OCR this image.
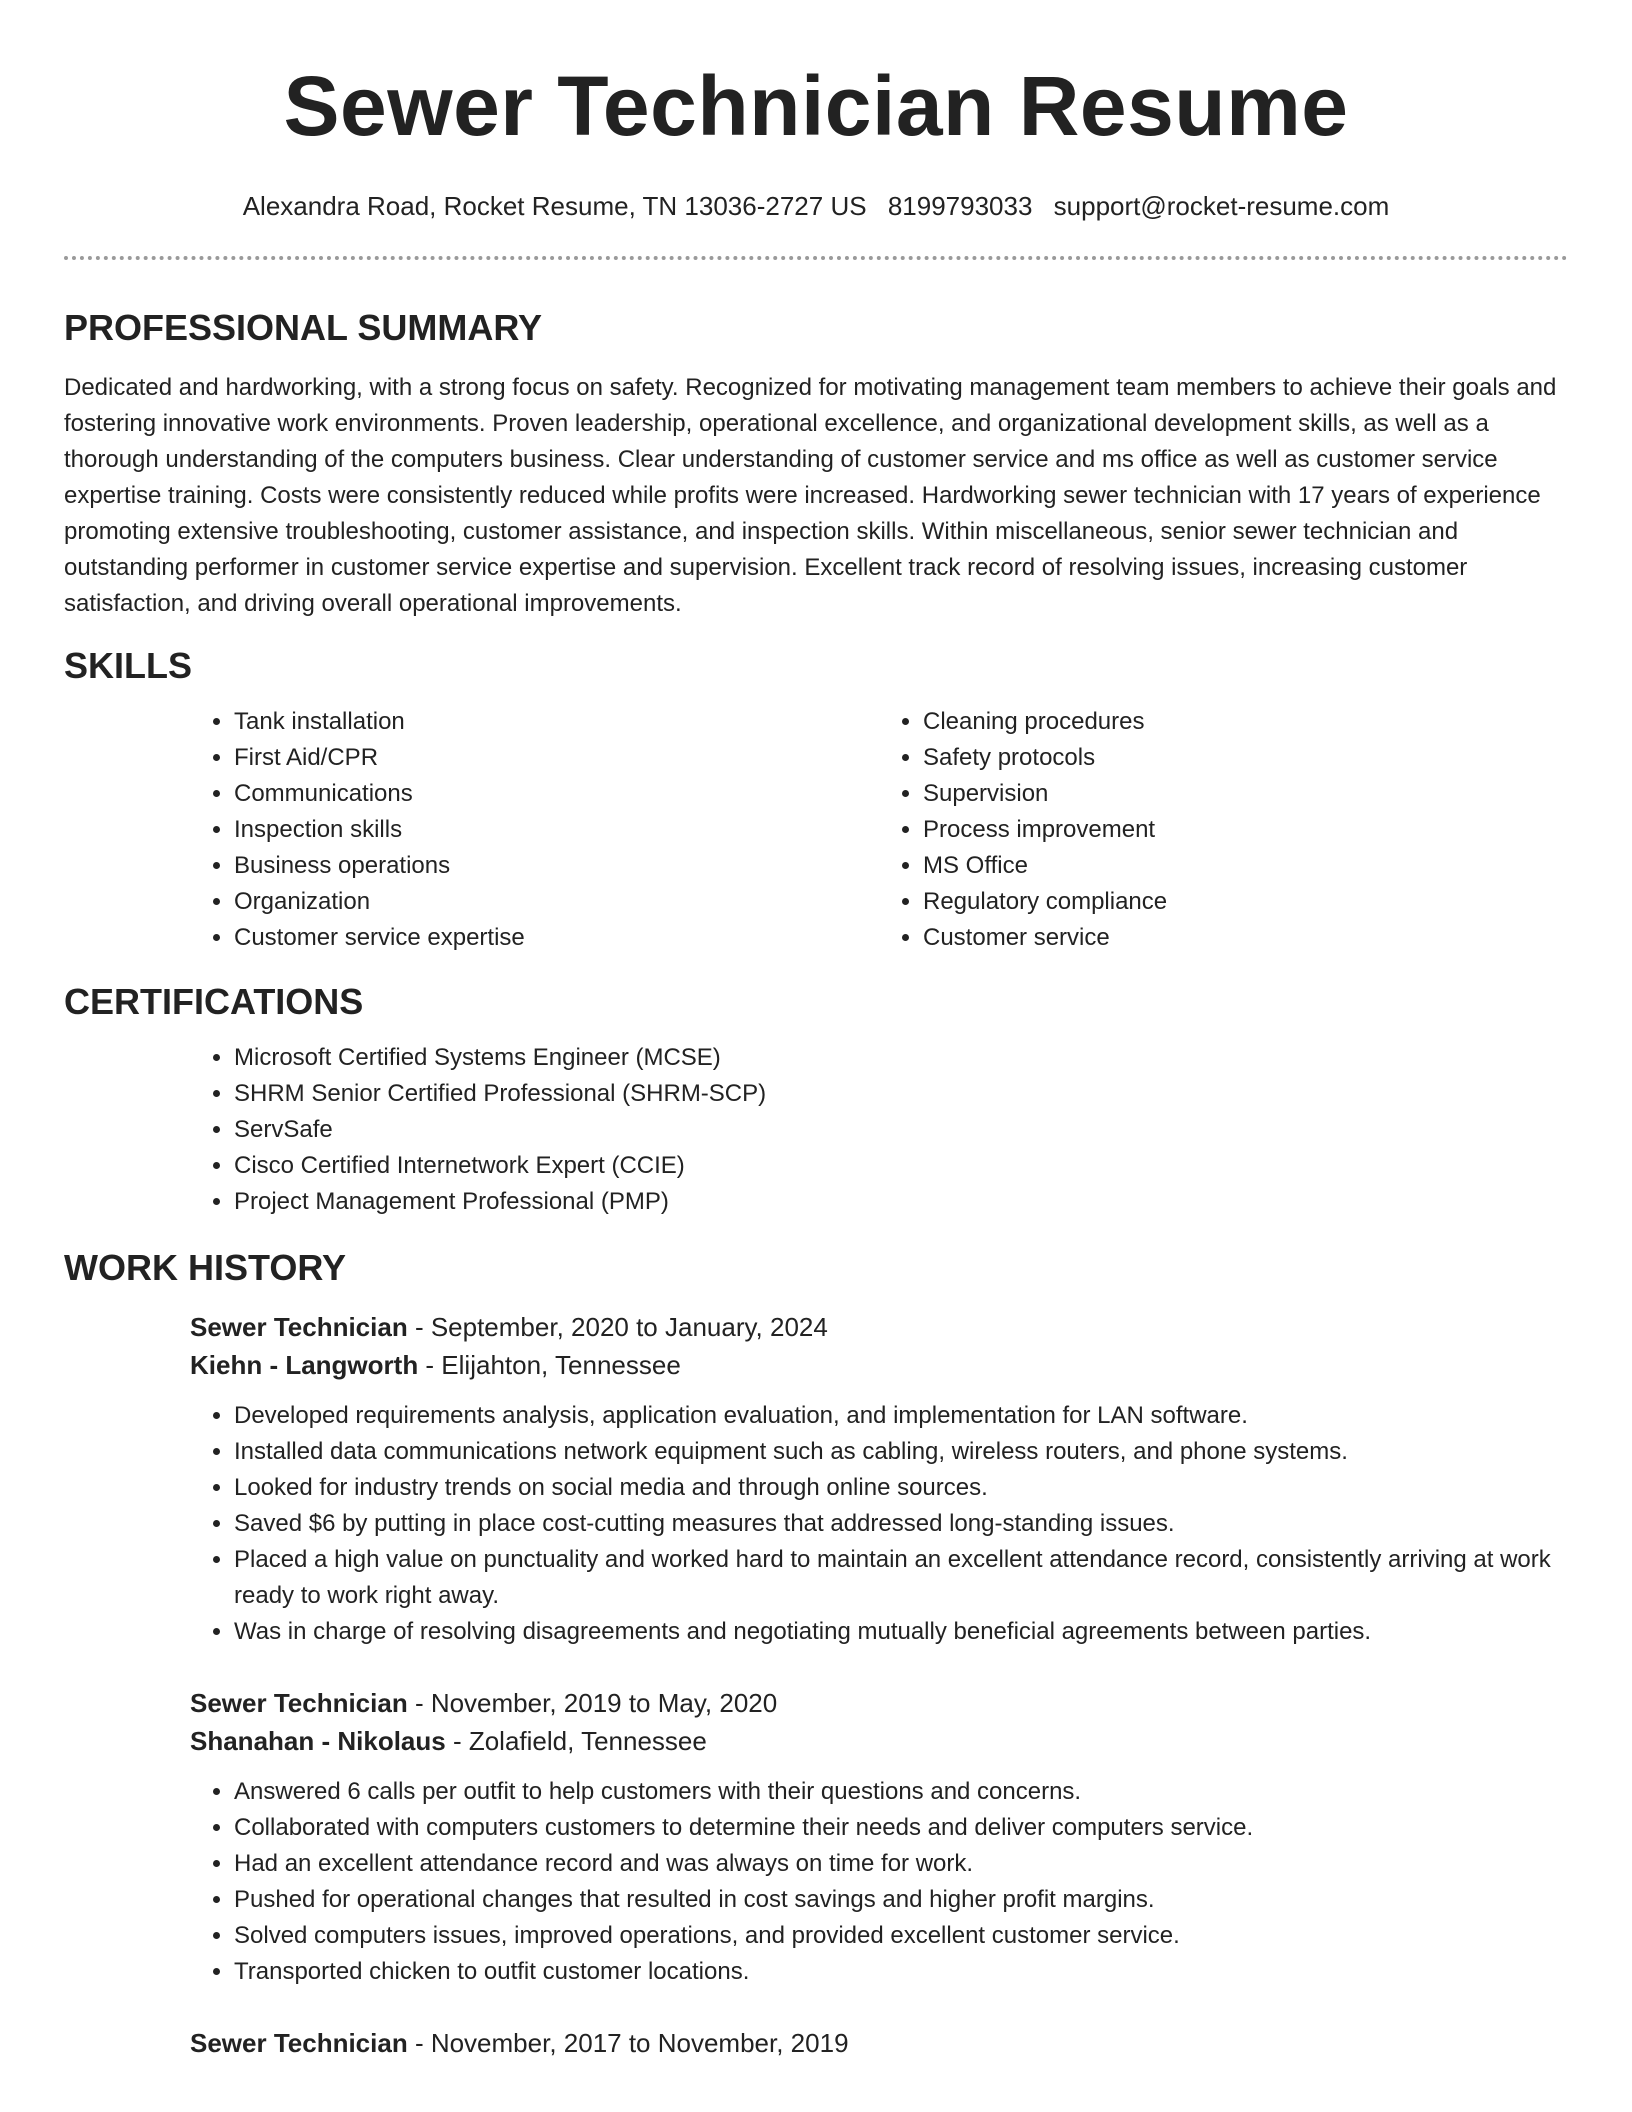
Sewer Technician Resume
Alexandra Road, Rocket Resume, TN 13036-2727 US 8199793033 support@rocket-resume.com
PROFESSIONAL SUMMARY

Dedicated and hardworking, with a strong focus on safety. Recognized for motivating management team members to achieve their goals and fostering innovative work environments. Proven leadership, operational excellence, and organizational development skills, as well as a thorough understanding of the computers business. Clear understanding of customer service and ms office as well as customer service expertise training. Costs were consistently reduced while profits were increased. Hardworking sewer technician with 17 years of experience promoting extensive troubleshooting, customer assistance, and inspection skills. Within miscellaneous, senior sewer technician and outstanding performer in customer service expertise and supervision. Excellent track record of resolving issues, increasing customer satisfaction, and driving overall operational improvements.

SKILLS
• Tank installation
• First Aid/CPR
• Communications
• Inspection skills
• Business operations
• Organization
• Customer service expertise
• Cleaning procedures
• Safety protocols
• Supervision
• Process improvement
• MS Office
• Regulatory compliance
• Customer service
CERTIFICATIONS
• Microsoft Certified Systems Engineer (MCSE)
• SHRM Senior Certified Professional (SHRM-SCP)
• ServSafe
• Cisco Certified Internetwork Expert (CCIE)
• Project Management Professional (PMP)
WORK HISTORY
Sewer Technician - September, 2020 to January, 2024
Kiehn - Langworth - Elijahton, Tennessee
• Developed requirements analysis, application evaluation, and implementation for LAN software.
• Installed data communications network equipment such as cabling, wireless routers, and phone systems.
• Looked for industry trends on social media and through online sources.
• Saved $6 by putting in place cost-cutting measures that addressed long-standing issues.
• Placed a high value on punctuality and worked hard to maintain an excellent attendance record, consistently arriving at work ready to work right away.
• Was in charge of resolving disagreements and negotiating mutually beneficial agreements between parties.
Sewer Technician - November, 2019 to May, 2020
Shanahan - Nikolaus - Zolafield, Tennessee
• Answered 6 calls per outfit to help customers with their questions and concerns.
• Collaborated with computers customers to determine their needs and deliver computers service.
• Had an excellent attendance record and was always on time for work.
• Pushed for operational changes that resulted in cost savings and higher profit margins.
• Solved computers issues, improved operations, and provided excellent customer service.
• Transported chicken to outfit customer locations.
Sewer Technician - November, 2017 to November, 2019
